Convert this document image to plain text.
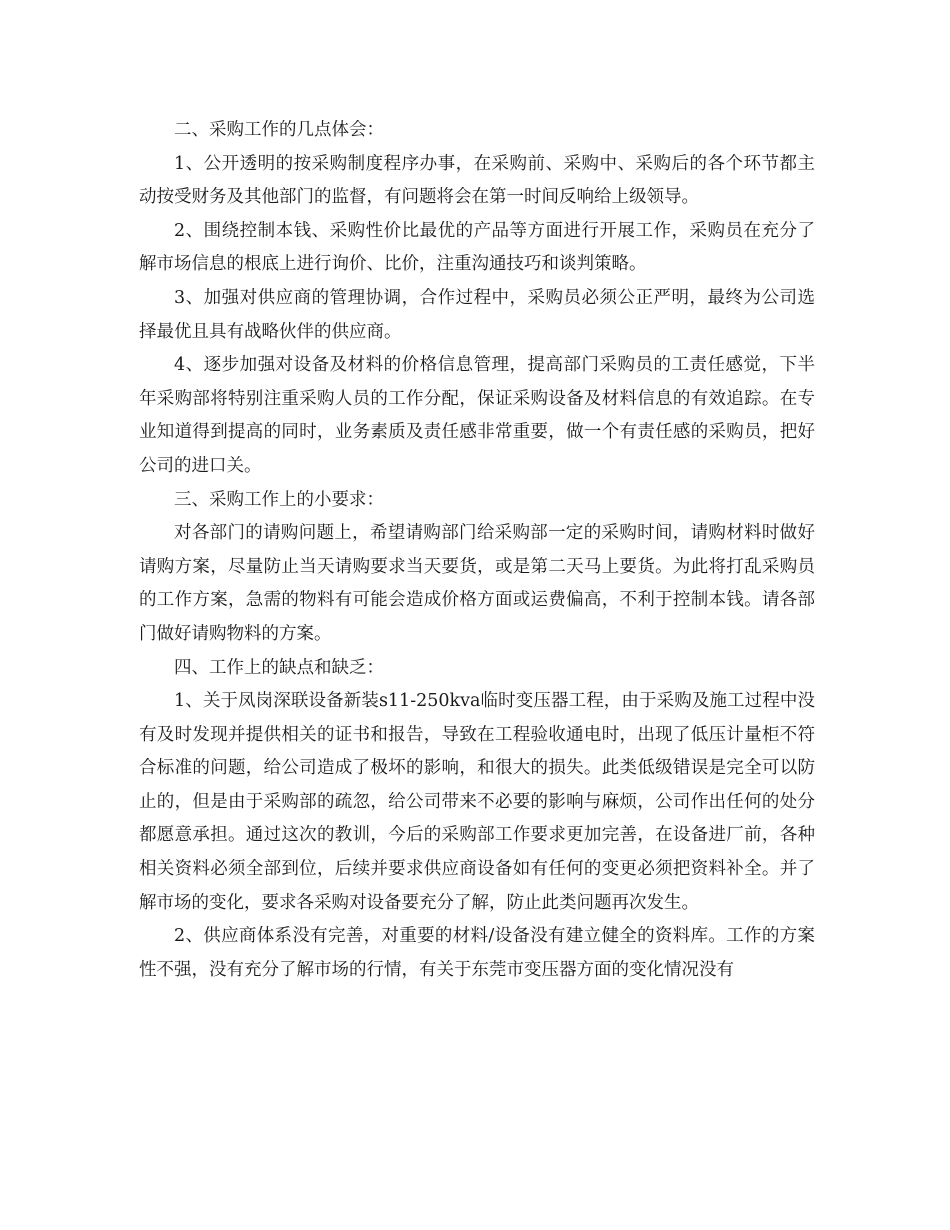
二、采购工作的几点体会：

1、公开透明的按采购制度程序办事，在采购前、采购中、采购后的各个环节都主动按受财务及其他部门的监督，有问题将会在第一时间反响给上级领导。

2、围绕控制本钱、采购性价比最优的产品等方面进行开展工作，采购员在充分了解市场信息的根底上进行询价、比价，注重沟通技巧和谈判策略。

3、加强对供应商的管理协调，合作过程中，采购员必须公正严明，最终为公司选择最优且具有战略伙伴的供应商。

4、逐步加强对设备及材料的价格信息管理，提高部门采购员的工责任感觉，下半年采购部将特别注重采购人员的工作分配，保证采购设备及材料信息的有效追踪。在专业知道得到提高的同时，业务素质及责任感非常重要，做一个有责任感的采购员，把好公司的进口关。

三、采购工作上的小要求：

对各部门的请购问题上，希望请购部门给采购部一定的采购时间，请购材料时做好请购方案，尽量防止当天请购要求当天要货，或是第二天马上要货。为此将打乱采购员的工作方案，急需的物料有可能会造成价格方面或运费偏高，不利于控制本钱。请各部门做好请购物料的方案。

四、工作上的缺点和缺乏：

1、关于凤岗深联设备新装s11-250kva临时变压器工程，由于采购及施工过程中没有及时发现并提供相关的证书和报告，导致在工程验收通电时，出现了低压计量柜不符合标准的问题，给公司造成了极坏的影响，和很大的损失。此类低级错误是完全可以防止的，但是由于采购部的疏忽，给公司带来不必要的影响与麻烦，公司作出任何的处分都愿意承担。通过这次的教训，今后的采购部工作要求更加完善，在设备进厂前，各种相关资料必须全部到位，后续并要求供应商设备如有任何的变更必须把资料补全。并了解市场的变化，要求各采购对设备要充分了解，防止此类问题再次发生。

2、供应商体系没有完善，对重要的材料/设备没有建立健全的资料库。工作的方案性不强，没有充分了解市场的行情，有关于东莞市变压器方面的变化情况没有
